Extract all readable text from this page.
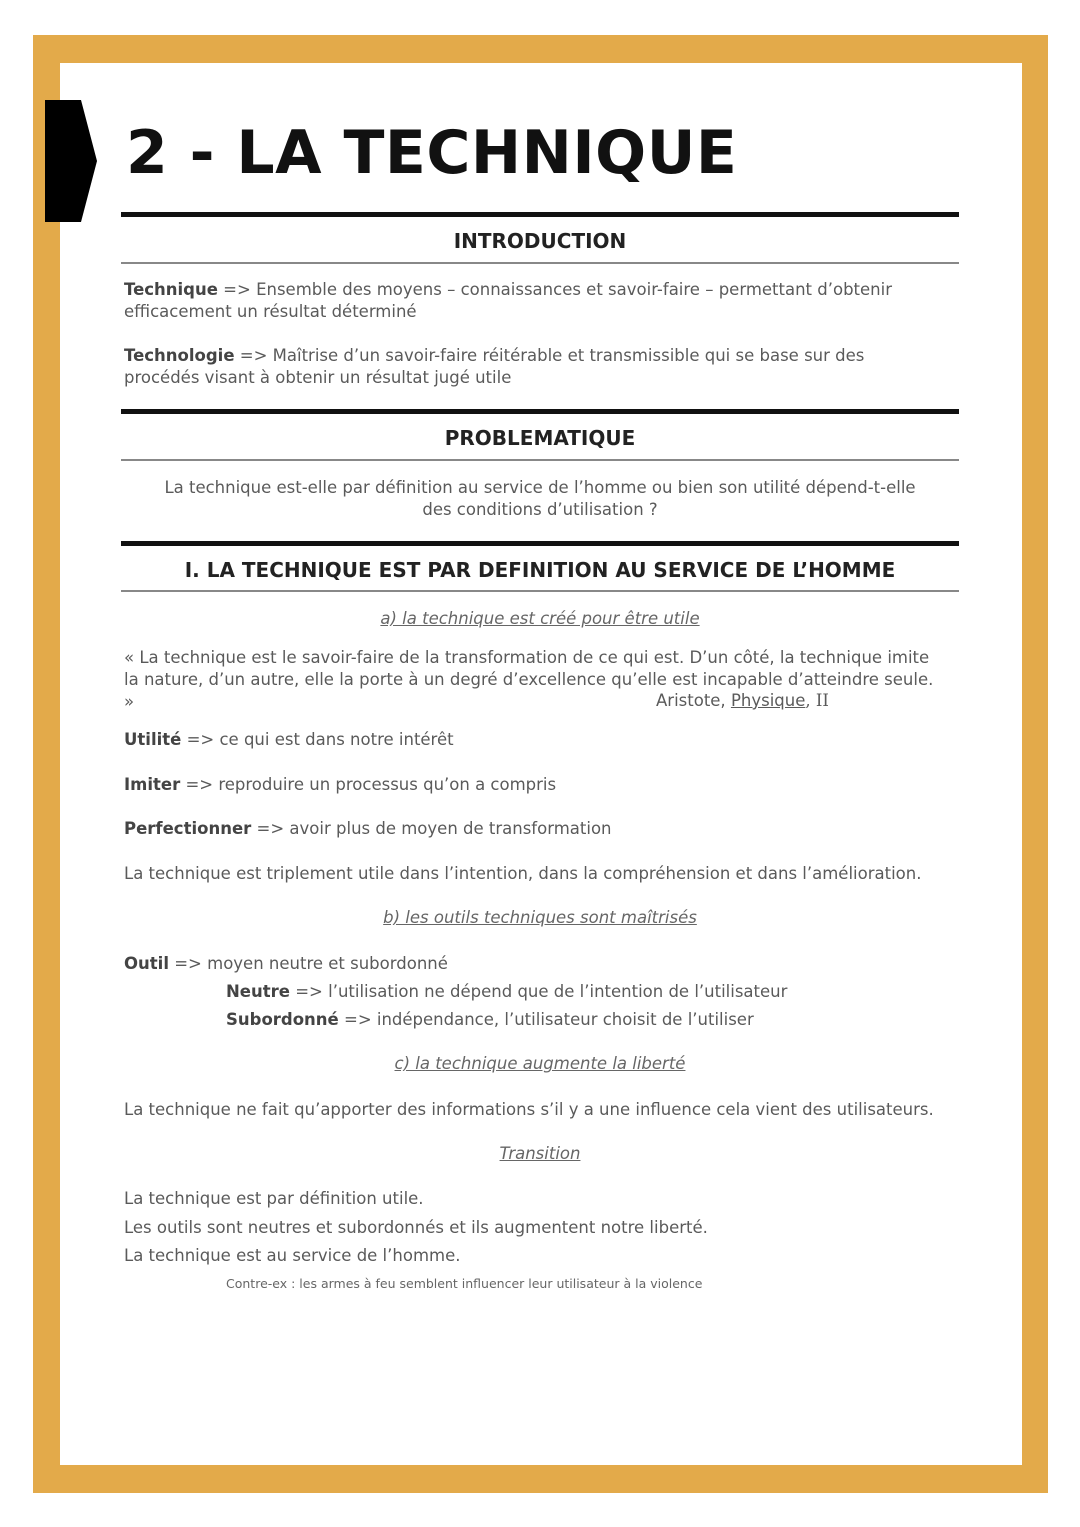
2 - LA TECHNIQUE
INTRODUCTION

Technique => Ensemble des moyens – connaissances et savoir-faire – permettant d’obtenir efficacement un résultat déterminé

Technologie => Maîtrise d’un savoir-faire réitérable et transmissible qui se base sur des procédés visant à obtenir un résultat jugé utile

PROBLEMATIQUE

La technique est-elle par définition au service de l’homme ou bien son utilité dépend-t-elle des conditions d’utilisation ?

I. LA TECHNIQUE EST PAR DEFINITION AU SERVICE DE L’HOMME
a) la technique est créé pour être utile

« La technique est le savoir-faire de la transformation de ce qui est. D’un côté, la technique imite la nature, d’un autre, elle la porte à un degré d’excellence qu’elle est incapable d’atteindre seule. »	Aristote, Physique, II

Utilité => ce qui est dans notre intérêt

Imiter => reproduire un processus qu’on a compris

Perfectionner => avoir plus de moyen de transformation

La technique est triplement utile dans l’intention, dans la compréhension et dans l’amélioration.

b) les outils techniques sont maîtrisés

Outil => moyen neutre et subordonné

Neutre => l’utilisation ne dépend que de l’intention de l’utilisateur

Subordonné => indépendance, l’utilisateur choisit de l’utiliser

c) la technique augmente la liberté

La technique ne fait qu’apporter des informations s’il y a une influence cela vient des utilisateurs.

Transition

La technique est par définition utile.

Les outils sont neutres et subordonnés et ils augmentent notre liberté.

La technique est au service de l’homme.

Contre-ex : les armes à feu semblent influencer leur utilisateur à la violence
